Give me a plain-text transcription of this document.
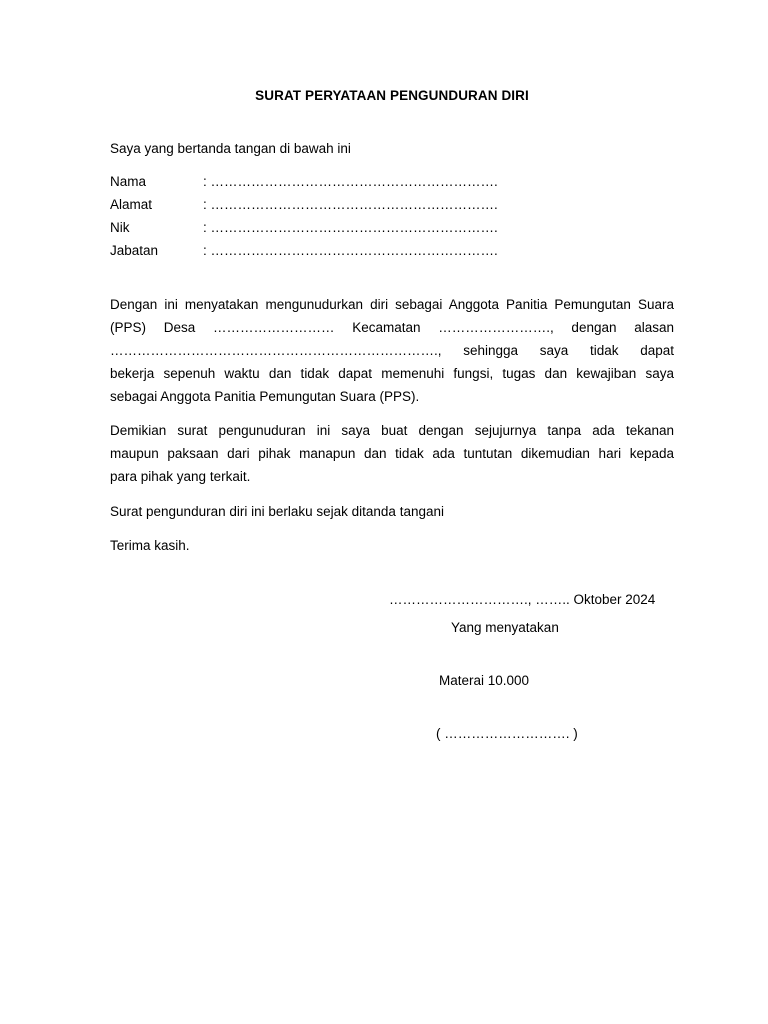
SURAT PERYATAAN PENGUNDURAN DIRI
Saya yang bertanda tangan di bawah ini
Nama	: ……………………………………………………….
Alamat	: ……………………………………………………….
Nik	: ……………………………………………………….
Jabatan	: ……………………………………………………….
Dengan ini menyatakan mengunudurkan diri sebagai Anggota Panitia Pemungutan Suara
(PPS) Desa ……………………… Kecamatan ……………………., dengan alasan
………………………………………………………………., sehingga saya tidak dapat
bekerja sepenuh waktu dan tidak dapat memenuhi fungsi, tugas dan kewajiban saya
sebagai Anggota Panitia Pemungutan Suara (PPS).
Demikian surat pengunuduran ini saya buat dengan sejujurnya tanpa ada tekanan
maupun paksaan dari pihak manapun dan tidak ada tuntutan dikemudian hari kepada
para pihak yang terkait.
Surat pengunduran diri ini berlaku sejak ditanda tangani
Terima kasih.
…………………………., …….. Oktober 2024
Yang menyatakan
Materai 10.000
( ………………………. )
